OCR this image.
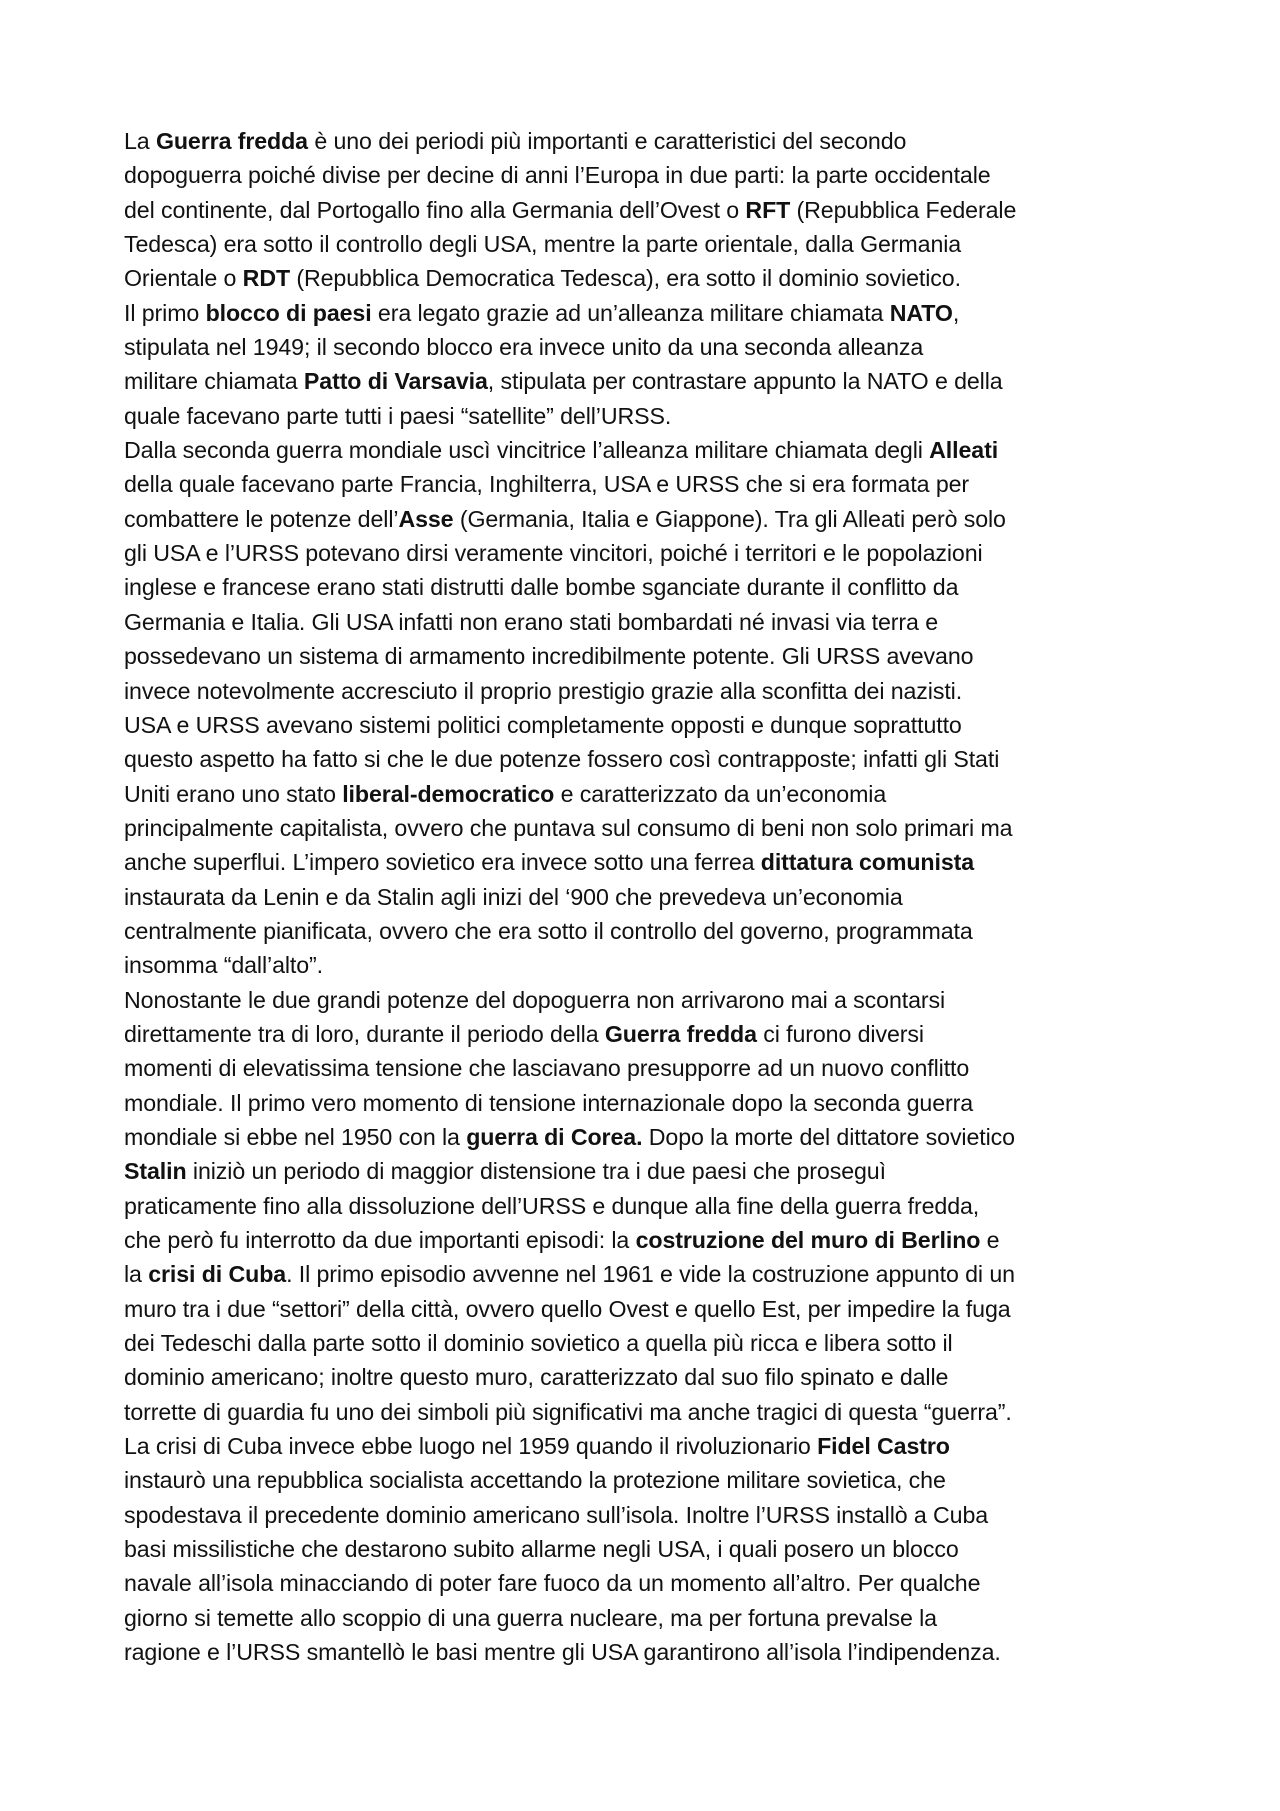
La Guerra fredda è uno dei periodi più importanti e caratteristici del secondo
dopoguerra poiché divise per decine di anni l’Europa in due parti: la parte occidentale
del continente, dal Portogallo fino alla Germania dell’Ovest o RFT (Repubblica Federale
Tedesca) era sotto il controllo degli USA, mentre la parte orientale, dalla Germania
Orientale o RDT (Repubblica Democratica Tedesca), era sotto il dominio sovietico.
Il primo blocco di paesi era legato grazie ad un’alleanza militare chiamata NATO,
stipulata nel 1949; il secondo blocco era invece unito da una seconda alleanza
militare chiamata Patto di Varsavia, stipulata per contrastare appunto la NATO e della
quale facevano parte tutti i paesi “satellite” dell’URSS.
Dalla seconda guerra mondiale uscì vincitrice l’alleanza militare chiamata degli Alleati
della quale facevano parte Francia, Inghilterra, USA e URSS che si era formata per
combattere le potenze dell’Asse (Germania, Italia e Giappone). Tra gli Alleati però solo
gli USA e l’URSS potevano dirsi veramente vincitori, poiché i territori e le popolazioni
inglese e francese erano stati distrutti dalle bombe sganciate durante il conflitto da
Germania e Italia. Gli USA infatti non erano stati bombardati né invasi via terra e
possedevano un sistema di armamento incredibilmente potente. Gli URSS avevano
invece notevolmente accresciuto il proprio prestigio grazie alla sconfitta dei nazisti.
USA e URSS avevano sistemi politici completamente opposti e dunque soprattutto
questo aspetto ha fatto si che le due potenze fossero così contrapposte; infatti gli Stati
Uniti erano uno stato liberal-democratico e caratterizzato da un’economia
principalmente capitalista, ovvero che puntava sul consumo di beni non solo primari ma
anche superflui. L’impero sovietico era invece sotto una ferrea dittatura comunista
instaurata da Lenin e da Stalin agli inizi del ‘900 che prevedeva un’economia
centralmente pianificata, ovvero che era sotto il controllo del governo, programmata
insomma “dall’alto”.
Nonostante le due grandi potenze del dopoguerra non arrivarono mai a scontarsi
direttamente tra di loro, durante il periodo della Guerra fredda ci furono diversi
momenti di elevatissima tensione che lasciavano presupporre ad un nuovo conflitto
mondiale. Il primo vero momento di tensione internazionale dopo la seconda guerra
mondiale si ebbe nel 1950 con la guerra di Corea. Dopo la morte del dittatore sovietico
Stalin iniziò un periodo di maggior distensione tra i due paesi che proseguì
praticamente fino alla dissoluzione dell’URSS e dunque alla fine della guerra fredda,
che però fu interrotto da due importanti episodi: la costruzione del muro di Berlino e
la crisi di Cuba. Il primo episodio avvenne nel 1961 e vide la costruzione appunto di un
muro tra i due “settori” della città, ovvero quello Ovest e quello Est, per impedire la fuga
dei Tedeschi dalla parte sotto il dominio sovietico a quella più ricca e libera sotto il
dominio americano; inoltre questo muro, caratterizzato dal suo filo spinato e dalle
torrette di guardia fu uno dei simboli più significativi ma anche tragici di questa “guerra”.
La crisi di Cuba invece ebbe luogo nel 1959 quando il rivoluzionario Fidel Castro
instaurò una repubblica socialista accettando la protezione militare sovietica, che
spodestava il precedente dominio americano sull’isola. Inoltre l’URSS installò a Cuba
basi missilistiche che destarono subito allarme negli USA, i quali posero un blocco
navale all’isola minacciando di poter fare fuoco da un momento all’altro. Per qualche
giorno si temette allo scoppio di una guerra nucleare, ma per fortuna prevalse la
ragione e l’URSS smantellò le basi mentre gli USA garantirono all’isola l’indipendenza.
